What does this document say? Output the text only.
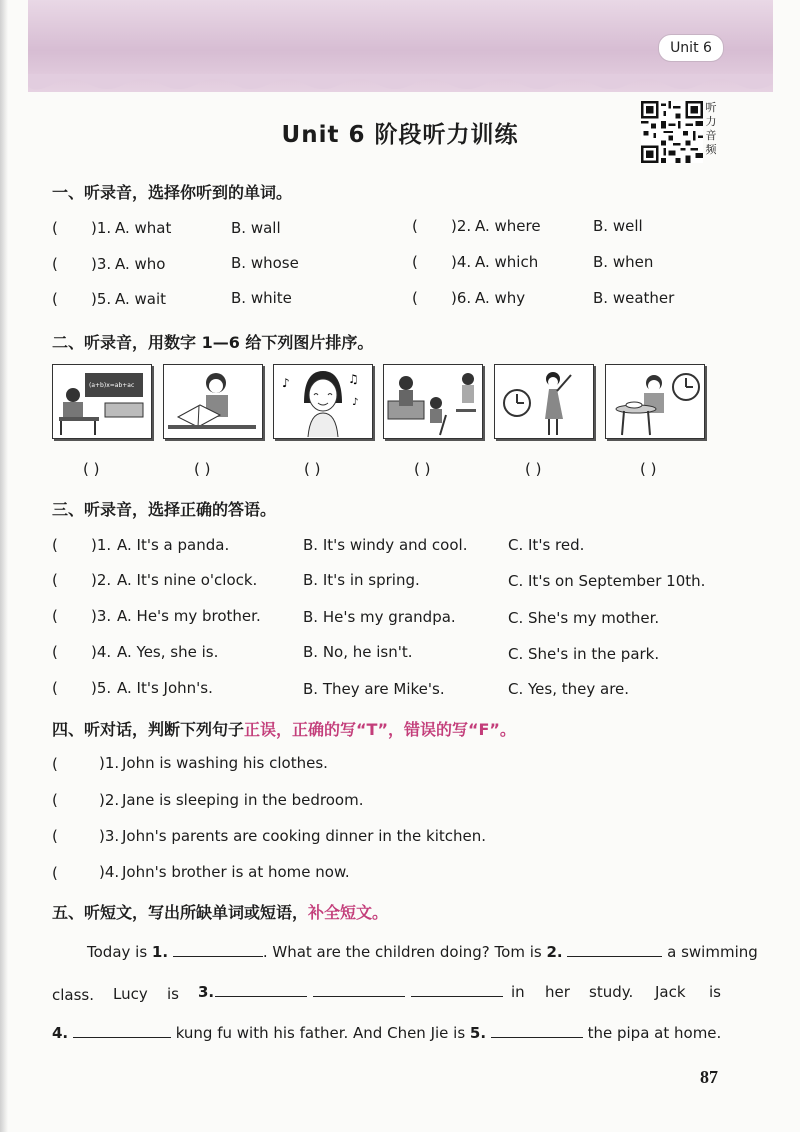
Unit 6
Unit 6 阶段听力训练
听力音频
一、听录音，选择你听到的单词。
( )1. A. what	B. wall	( )2. A. where	B. well
( )3. A. who	B. whose	( )4. A. which	B. when
( )5. A. wait	B. white	( )6. A. why	B. weather
二、听录音，用数字 1—6 给下列图片排序。
(a+b)x=ab+ac	♪	♫
♪
( )	( )	( )	( )	( )	( )
三、听录音，选择正确的答语。
( )1. A. It's a panda.	B. It's windy and cool.	C. It's red.
( )2. A. It's nine o'clock.	B. It's in spring.	C. It's on September 10th.
( )3. A. He's my brother.	B. He's my grandpa.	C. She's my mother.
( )4. A. Yes, she is.	B. No, he isn't.	C. She's in the park.
( )5. A. It's John's.	B. They are Mike's.	C. Yes, they are.
四、听对话，判断下列句子正误，正确的写“T”，错误的写“F”。
(	)1. John is washing his clothes.
(	)2. Jane is sleeping in the bedroom.
(	)3. John's parents are cooking dinner in the kitchen.
(	)4. John's brother is at home now.
五、听短文，写出所缺单词或短语，补全短文。
Today is 1.	. What are the children doing? Tom is 2.	a swimming
class. Lucy is 3.	in her study. Jack is
4.	kung fu with his father. And Chen Jie is 5.	the pipa at home.
87
